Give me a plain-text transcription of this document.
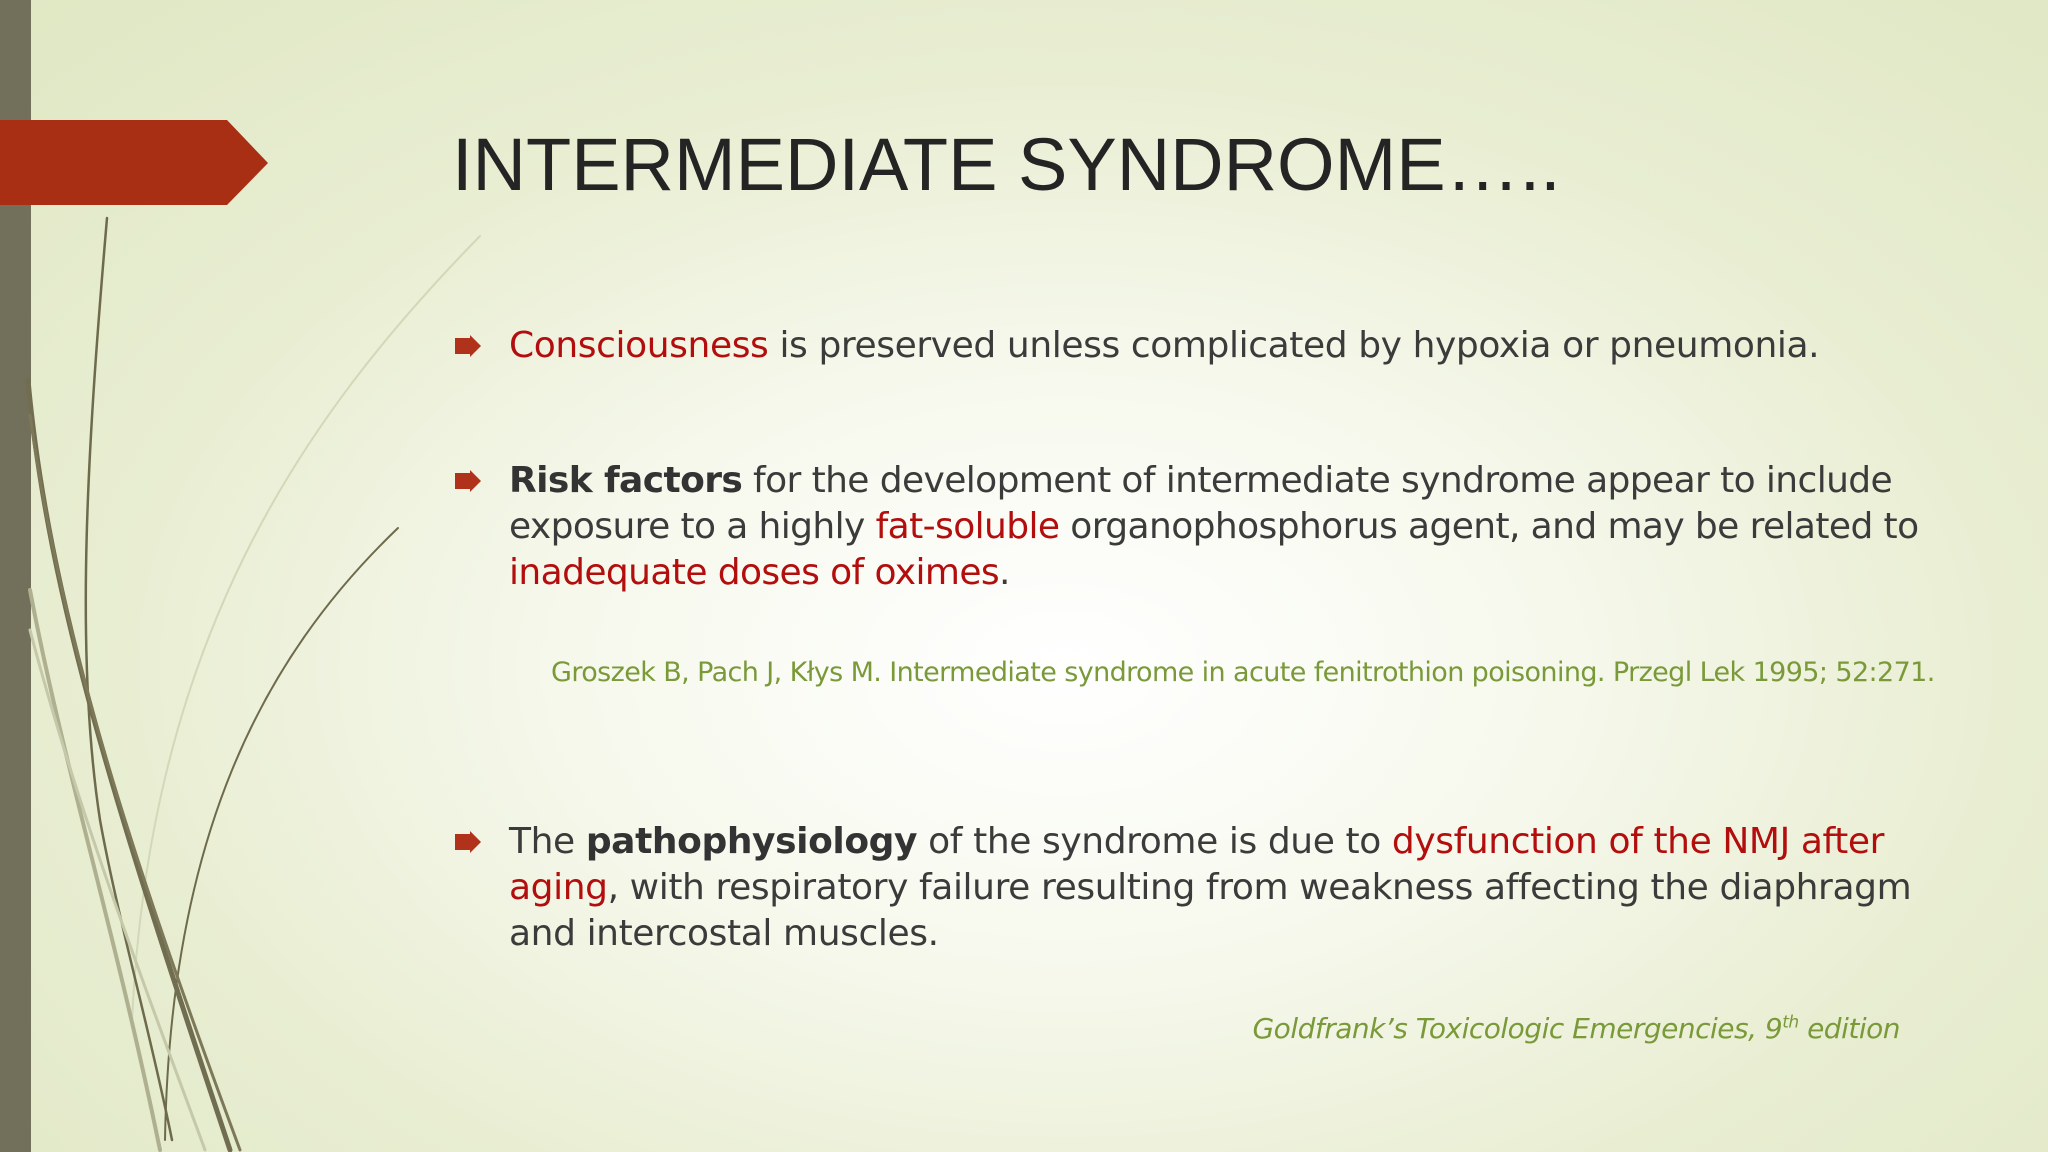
INTERMEDIATE SYNDROME…..
Consciousness is preserved unless complicated by hypoxia or pneumonia.
Risk factors for the development of intermediate syndrome appear to include exposure to a highly fat-soluble organophosphorus agent, and may be related to inadequate doses of oximes.
Groszek B, Pach J, Kłys M. Intermediate syndrome in acute fenitrothion poisoning. Przegl Lek 1995; 52:271.
The pathophysiology of the syndrome is due to dysfunction of the NMJ after aging, with respiratory failure resulting from weakness affecting the diaphragm and intercostal muscles.
Goldfrank’s Toxicologic Emergencies, 9th edition
